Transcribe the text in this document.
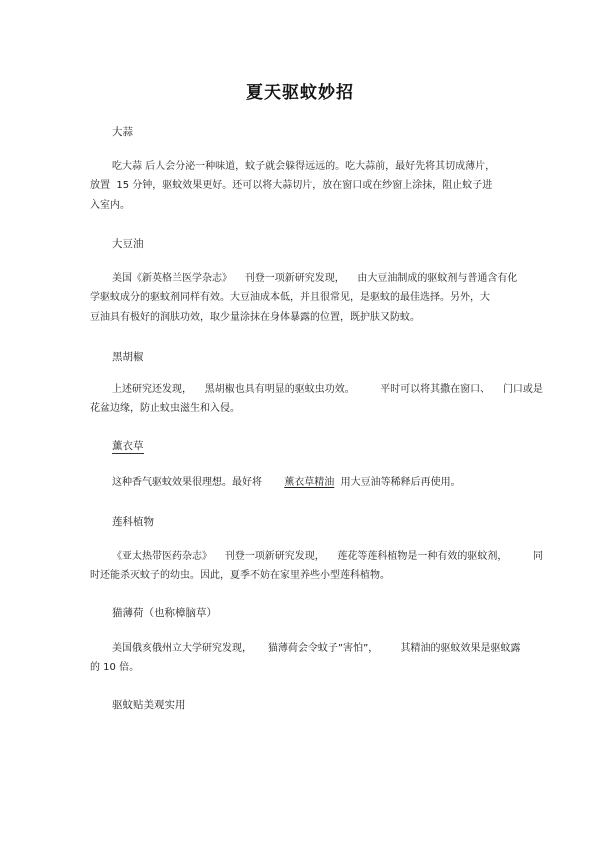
夏天驱蚊妙招
大蒜
吃大蒜 后人会分泌一种味道，蚊子就会躲得远远的。吃大蒜前，最好先将其切成薄片，
放置  15 分钟，驱蚊效果更好。还可以将大蒜切片，放在窗口或在纱窗上涂抹，阻止蚊子进
入室内。
大豆油
美国《新英格兰医学杂志》    刊登一项新研究发现，    由大豆油制成的驱蚊剂与普通含有化
学驱蚊成分的驱蚊剂同样有效。大豆油成本低，并且很常见，是驱蚊的最佳选择。另外，大
豆油具有极好的润肤功效，取少量涂抹在身体暴露的位置，既护肤又防蚊。
黑胡椒
上述研究还发现，    黑胡椒也具有明显的驱蚊虫功效。        平时可以将其撒在窗口、    门口或是
花盆边缘，防止蚊虫滋生和入侵。
薰衣草
这种香气驱蚊效果很理想。最好将       薰衣草精油  用大豆油等稀释后再使用。
莲科植物
《亚太热带医药杂志》    刊登一项新研究发现，    莲花等莲科植物是一种有效的驱蚊剂，        同
时还能杀灭蚊子的幼虫。因此，夏季不妨在家里养些小型莲科植物。
猫薄荷（也称樟脑草）
美国俄亥俄州立大学研究发现，     猫薄荷会令蚊子”害怕”，       其精油的驱蚊效果是驱蚊露
的 10 倍。
驱蚊贴美观实用
